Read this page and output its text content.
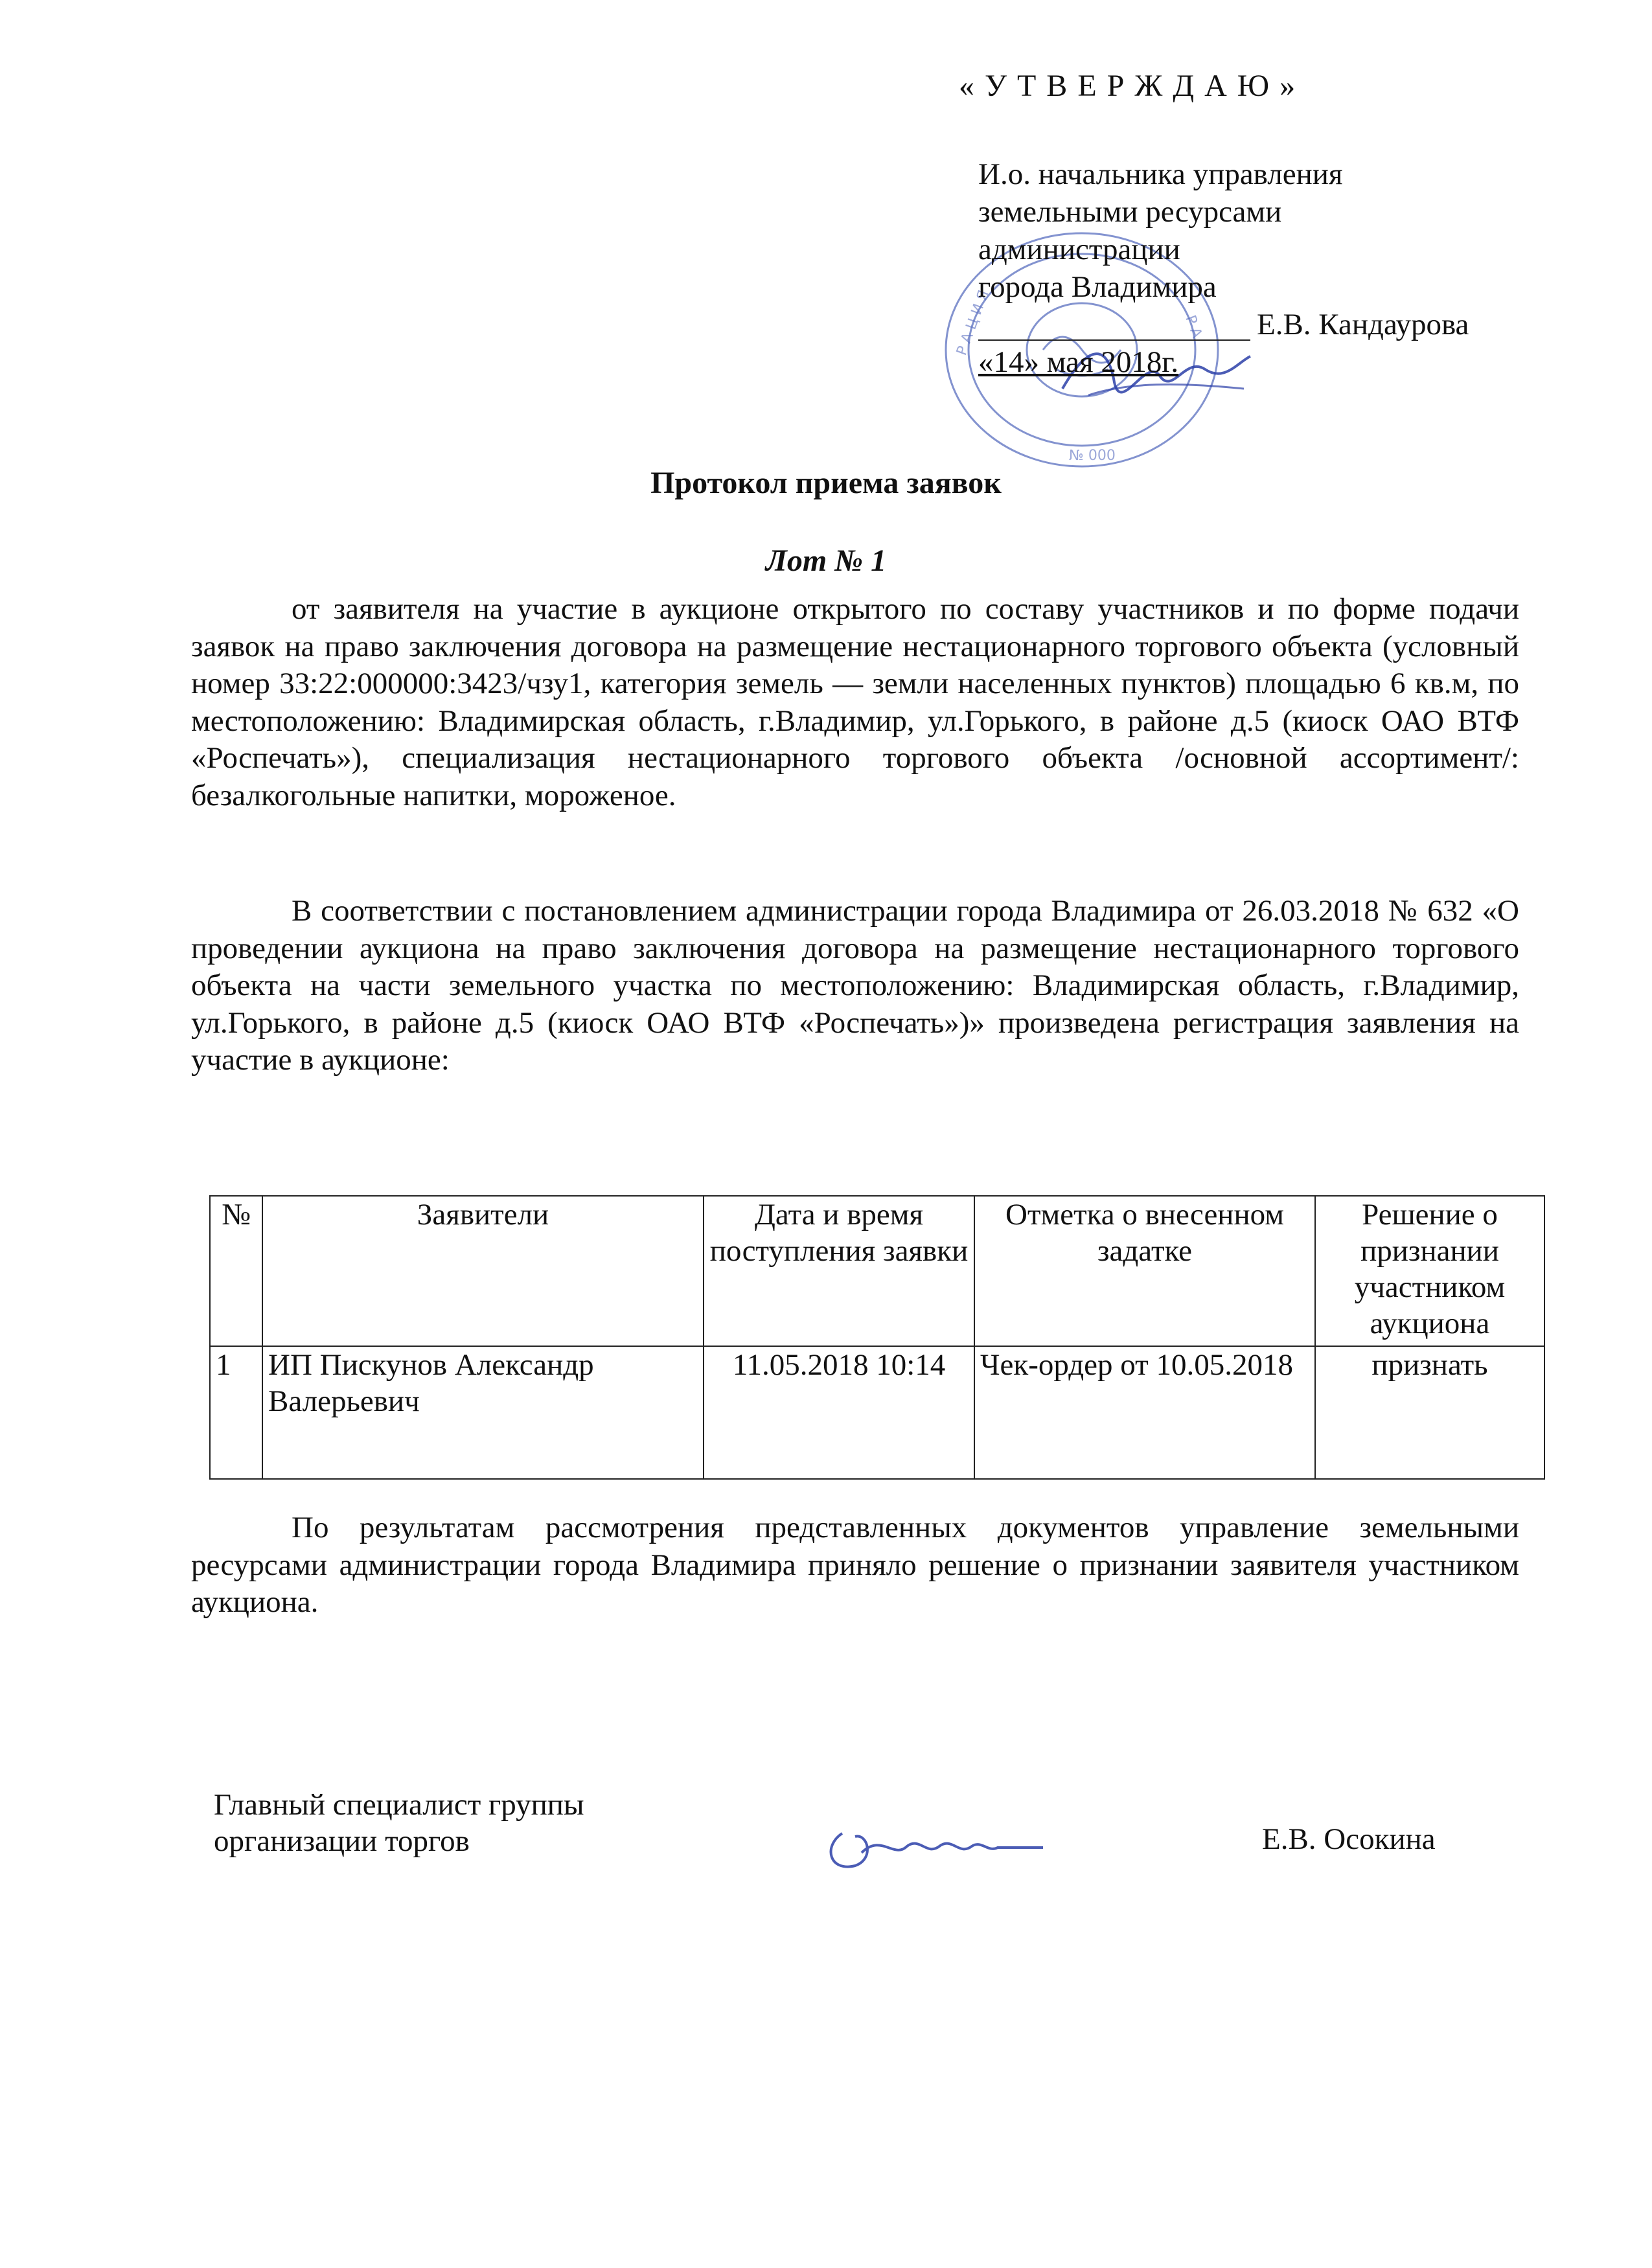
« У Т В Е Р Ж Д А Ю »
Р А Ц И Я	Р А
№ 000
И.о. начальника управления
земельными ресурсами
администрации
города Владимира
Е.В. Кандаурова
«14» мая 2018г.
Протокол приема заявок
Лот № 1
от заявителя на участие в аукционе открытого по составу участников и по форме подачи заявок на право заключения договора на размещение нестационарного торгового объекта (условный номер 33:22:000000:3423/чзу1, категория земель — земли населенных пунктов) площадью 6 кв.м, по местоположению: Владимирская область, г.Владимир, ул.Горького, в районе д.5 (киоск ОАО ВТФ «Роспечать»), специализация нестационарного торгового объекта /основной ассортимент/: безалкогольные напитки, мороженое.
В соответствии с постановлением администрации города Владимира от 26.03.2018 № 632 «О проведении аукциона на право заключения договора на размещение нестационарного торгового объекта на части земельного участка по местоположению: Владимирская область, г.Владимир, ул.Горького, в районе д.5 (киоск ОАО ВТФ «Роспечать»)» произведена регистрация заявления на участие в аукционе:
№	Заявители	Дата и время поступления заявки	Отметка о внесенном задатке	Решение о признании участником аукциона
1	ИП Пискунов Александр Валерьевич	11.05.2018 10:14	Чек-ордер от 10.05.2018	признать
По результатам рассмотрения представленных документов управление земельными ресурсами администрации города Владимира приняло решение о признании заявителя участником аукциона.
Главный специалист группы
организации торгов	Е.В. Осокина
